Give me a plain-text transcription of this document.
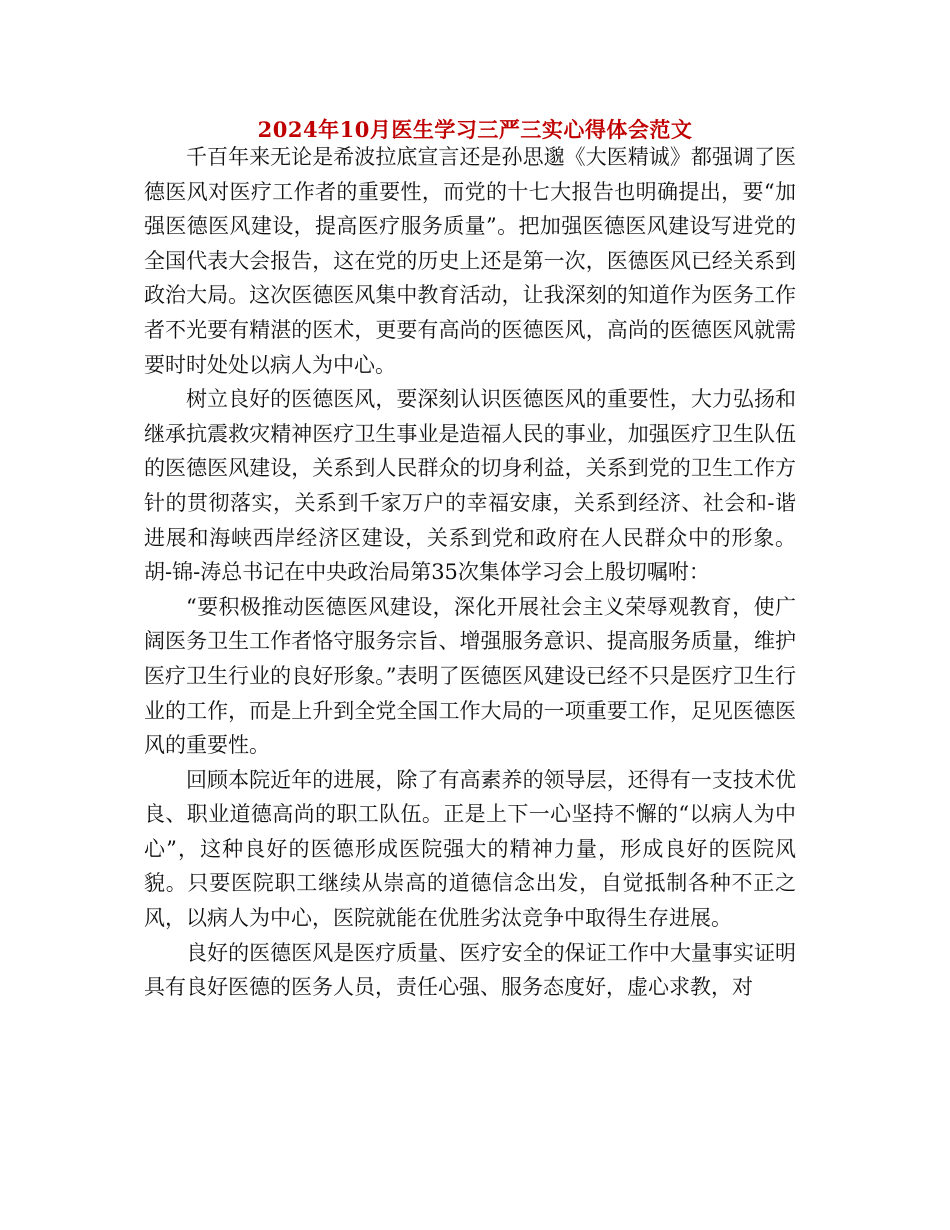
2024年10月医生学习三严三实心得体会范文

千百年来无论是希波拉底宣言还是孙思邈《大医精诚》都强调了医德医风对医疗工作者的重要性，而党的十七大报告也明确提出，要“加强医德医风建设，提高医疗服务质量”。把加强医德医风建设写进党的全国代表大会报告，这在党的历史上还是第一次，医德医风已经关系到政治大局。这次医德医风集中教育活动，让我深刻的知道作为医务工作者不光要有精湛的医术，更要有高尚的医德医风，高尚的医德医风就需要时时处处以病人为中心。

树立良好的医德医风，要深刻认识医德医风的重要性，大力弘扬和继承抗震救灾精神医疗卫生事业是造福人民的事业，加强医疗卫生队伍的医德医风建设，关系到人民群众的切身利益，关系到党的卫生工作方针的贯彻落实，关系到千家万户的幸福安康，关系到经济、社会和-谐进展和海峡西岸经济区建设，关系到党和政府在人民群众中的形象。胡-锦-涛总书记在中央政治局第35次集体学习会上殷切嘱咐：

“要积极推动医德医风建设，深化开展社会主义荣辱观教育，使广阔医务卫生工作者恪守服务宗旨、增强服务意识、提高服务质量，维护医疗卫生行业的良好形象。”表明了医德医风建设已经不只是医疗卫生行业的工作，而是上升到全党全国工作大局的一项重要工作，足见医德医风的重要性。

回顾本院近年的进展，除了有高素养的领导层，还得有一支技术优良、职业道德高尚的职工队伍。正是上下一心坚持不懈的“以病人为中心”，这种良好的医德形成医院强大的精神力量，形成良好的医院风貌。只要医院职工继续从崇高的道德信念出发，自觉抵制各种不正之风，以病人为中心，医院就能在优胜劣汰竞争中取得生存进展。

良好的医德医风是医疗质量、医疗安全的保证工作中大量事实证明具有良好医德的医务人员，责任心强、服务态度好，虚心求教，对
